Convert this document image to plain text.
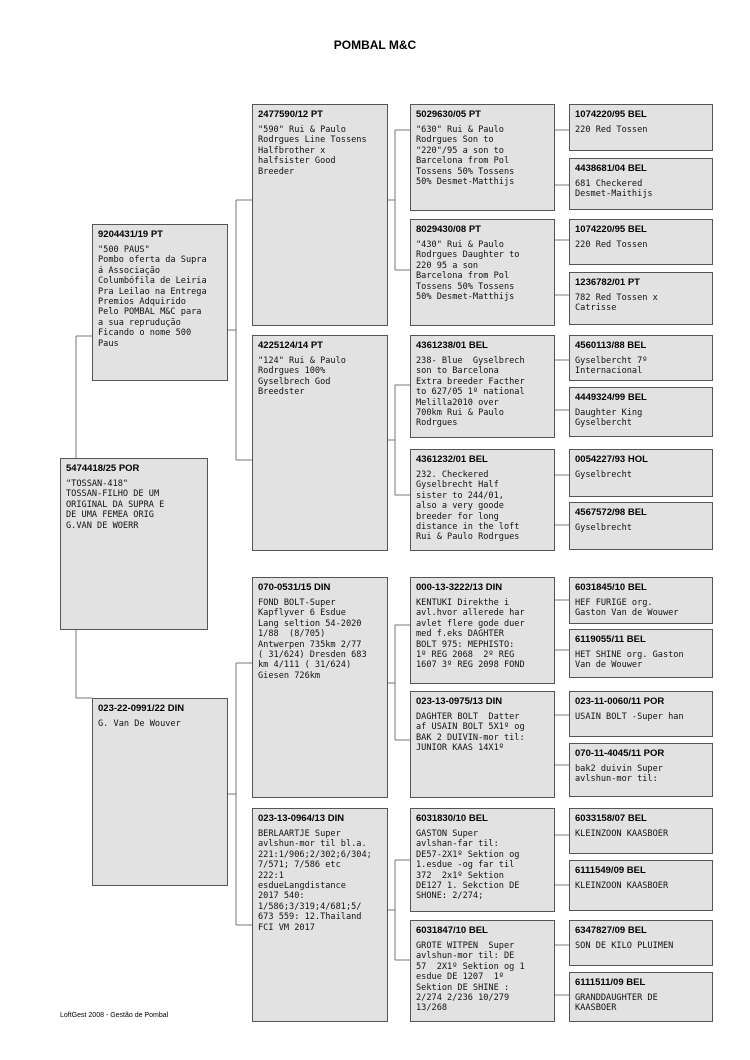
POMBAL M&C
5474418/25 POR
"TOSSAN-418"
TOSSAN-FILHO DE UM
ORIGINAL DA SUPRA E
DE UMA FEMEA ORIG
G.VAN DE WOERR
9204431/19 PT
"500 PAUS"
Pombo oferta da Supra
á Associação
Columbófila de Leiria
Pra Leilao na Entrega
Premios Adquirido
Pelo POMBAL M&C para
a sua reprudução
Ficando o nome 500
Paus
023-22-0991/22 DIN
G. Van De Wouver
2477590/12 PT
"590" Rui & Paulo
Rodrgues Line Tossens
Halfbrother x
halfsister Good
Breeder
4225124/14 PT
"124" Rui & Paulo
Rodrgues 100%
Gyselbrech God
Breedster
070-0531/15 DIN
FOND BOLT-Super
Kapflyver 6 Esdue
Lang seltion 54-2020
1/88  (8/705)
Antwerpen 735km 2/77
( 31/624) Dresden 683
km 4/111 ( 31/624)
Giesen 726km
023-13-0964/13 DIN
BERLAARTJE Super
avlshun-mor til bl.a.
221:1/906;2/302;6/304;
7/571; 7/586 etc
222:1
esdueLangdistance
2017 540:
1/586;3/319;4/681;5/
673 559: 12.Thailand
FCI VM 2017
5029630/05 PT
"630" Rui & Paulo
Rodrgues Son to
"220"/95 a son to
Barcelona from Pol
Tossens 50% Tossens
50% Desmet-Matthijs
8029430/08 PT
"430" Rui & Paulo
Rodrgues Daughter to
220 95 a son
Barcelona from Pol
Tossens 50% Tossens
50% Desmet-Matthijs
4361238/01 BEL
238- Blue  Gyselbrech
son to Barcelona
Extra breeder Facther
to 627/05 1º national
Melilla2010 over
700km Rui & Paulo
Rodrgues
4361232/01 BEL
232. Checkered
Gyselbrecht Half
sister to 244/01,
also a very goode
breeder for long
distance in the loft
Rui & Paulo Rodrgues
000-13-3222/13 DIN
KENTUKI Direkthe i
avl.hvor allerede har
avlet flere gode duer
med f.eks DAGHTER
BOLT 975: MEPHISTO:
1º REG 2068  2º REG
1607 3º REG 2098 FOND
023-13-0975/13 DIN
DAGHTER BOLT  Datter
af USAIN BOLT 5X1º og
BAK 2 DUIVIN-mor til:
JUNIOR KAAS 14X1º
6031830/10 BEL
GASTON Super
avlshan-far til:
DE57-2X1º Sektion og
1.esdue -og far til
372  2x1º Sektion
DE127 1. Sekction DE
SHONE: 2/274;
6031847/10 BEL
GROTE WITPEN  Super
avlshun-mor til: DE
57  2X1º Sektion og 1
esdue DE 1207  1º
Sektion DE SHINE :
2/274 2/236 10/279
13/268
1074220/95 BEL
220 Red Tossen
4438681/04 BEL
681 Checkered
Desmet-Maithijs
1074220/95 BEL
220 Red Tossen
1236782/01 PT
782 Red Tossen x
Catrisse
4560113/88 BEL
Gyselbercht 7º
Internacional
4449324/99 BEL
Daughter King
Gyselbercht
0054227/93 HOL
Gyselbrecht
4567572/98 BEL
Gyselbrecht
6031845/10 BEL
HEF FURIGE org.
Gaston Van de Wouwer
6119055/11 BEL
HET SHINE org. Gaston
Van de Wouwer
023-11-0060/11 POR
USAIN BOLT -Super han
070-11-4045/11 POR
bak2 duivin Super
avlshun-mor til:
6033158/07 BEL
KLEINZOON KAASBOER
6111549/09 BEL
KLEINZOON KAASBOER
6347827/09 BEL
SON DE KILO PLUIMEN
6111511/09 BEL
GRANDDAUGHTER DE
KAASBOER
LoftGest 2008 - Gestão de Pombal
